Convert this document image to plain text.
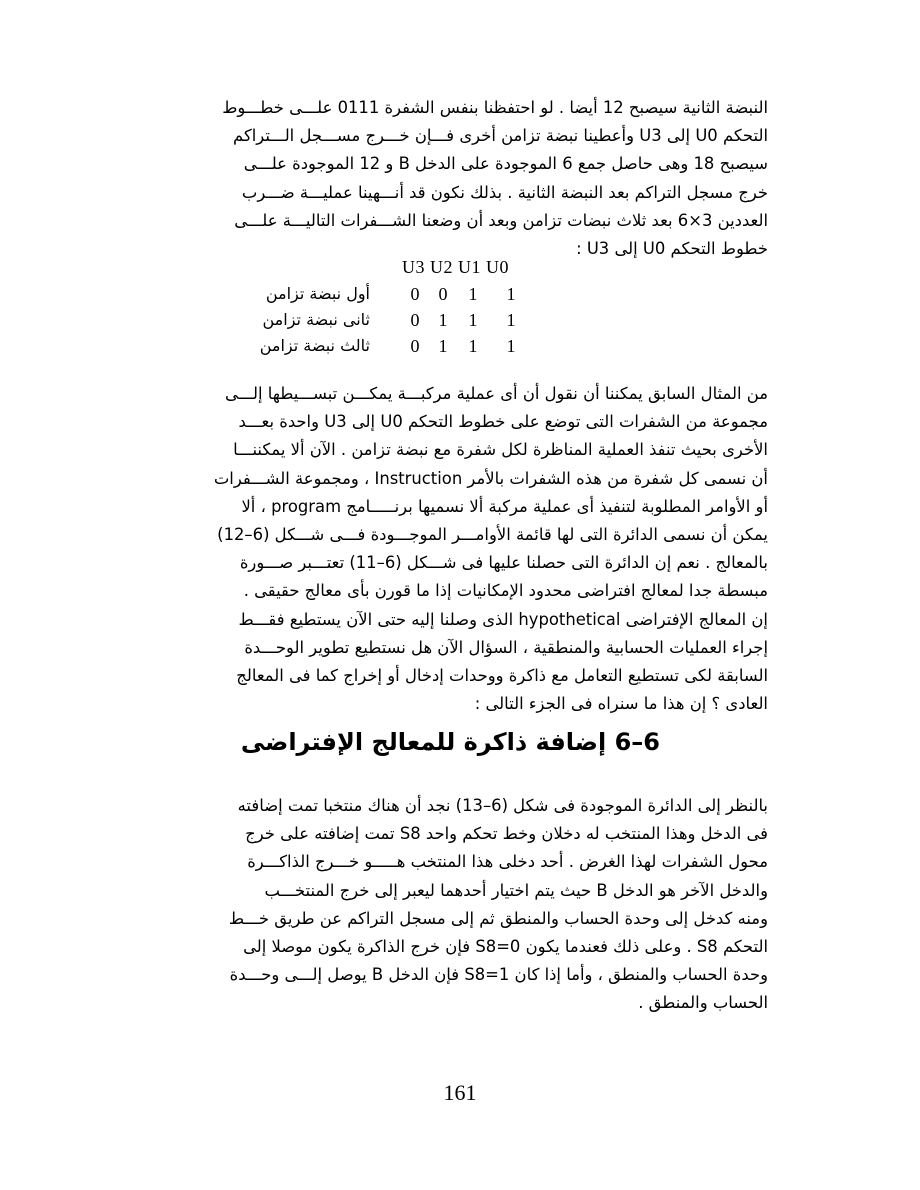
النبضة الثانية سيصبح 12 أيضا . لو احتفظنا بنفس الشفرة 0111 علـــى خطـــوط
التحكم U0 إلى U3 وأعطينا نبضة تزامن أخرى فـــإن خـــرج مســـجل الـــتراكم
سيصبح 18 وهى حاصل جمع 6 الموجودة على الدخل B و 12 الموجودة علـــى
خرج مسجل التراكم بعد النبضة الثانية . بذلك نكون قد أنـــهينا عمليـــة ضـــرب
العددين 3×6 بعد ثلاث نبضات تزامن وبعد أن وضعنا الشـــفرات التاليـــة علـــى
خطوط التحكم U0 إلى U3 :
U3 U2 U1 U0
أول نبضة تزامن	0	0	1	1
ثانى نبضة تزامن	0	1	1	1
ثالث نبضة تزامن	0	1	1	1
من المثال السابق يمكننا أن نقول أن أى عملية مركبـــة يمكـــن تبســـيطها إلـــى
مجموعة من الشفرات التى توضع على خطوط التحكم U0 إلى U3 واحدة بعـــد
الأخرى بحيث تنفذ العملية المناظرة لكل شفرة مع نبضة تزامن . الآن ألا يمكننـــا
أن نسمى كل شفرة من هذه الشفرات بالأمر Instruction ، ومجموعة الشـــفرات
أو الأوامر المطلوبة لتنفيذ أى عملية مركبة ألا نسميها برنـــــامج program ، ألا
يمكن أن نسمى الدائرة التى لها قائمة الأوامـــر الموجـــودة فـــى شـــكل (6–12)
بالمعالج . نعم إن الدائرة التى حصلنا عليها فى شـــكل (6–11) تعتـــبر صـــورة
مبسطة جدا لمعالج افتراضى محدود الإمكانيات إذا ما قورن بأى معالج حقيقى .
إن المعالج الإفتراضى hypothetical الذى وصلنا إليه حتى الآن يستطيع فقـــط
إجراء العمليات الحسابية والمنطقية ، السؤال الآن هل نستطيع تطوير الوحـــدة
السابقة لكى تستطيع التعامل مع ذاكرة ووحدات إدخال أو إخراج كما فى المعالج
العادى ؟ إن هذا ما سنراه فى الجزء التالى :
6–6 إضافة ذاكرة للمعالج الإفتراضى
بالنظر إلى الدائرة الموجودة فى شكل (6–13) نجد أن هناك منتخبا تمت إضافته
فى الدخل وهذا المنتخب له دخلان وخط تحكم واحد S8 تمت إضافته على خرج
محول الشفرات لهذا الغرض . أحد دخلى هذا المنتخب هـــــو خـــرج الذاكـــرة
والدخل الآخر هو الدخل B حيث يتم اختيار أحدهما ليعبر إلى خرج المنتخـــب
ومنه كدخل إلى وحدة الحساب والمنطق ثم إلى مسجل التراكم عن طريق خـــط
التحكم S8 . وعلى ذلك فعندما يكون S8=0 فإن خرج الذاكرة يكون موصلا إلى
وحدة الحساب والمنطق ، وأما إذا كان S8=1 فإن الدخل B يوصل إلـــى وحـــدة
الحساب والمنطق .
161
